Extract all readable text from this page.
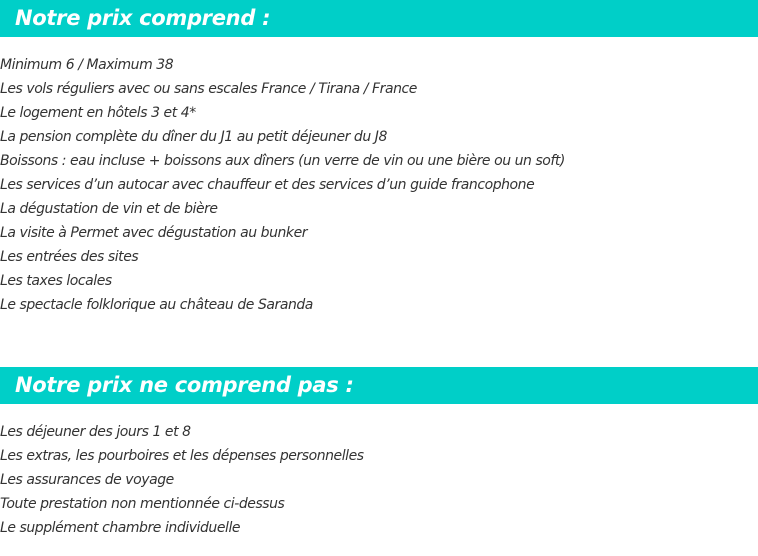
Notre prix comprend :
Minimum 6 / Maximum 38
Les vols réguliers avec ou sans escales France / Tirana / France
Le logement en hôtels 3 et 4*
La pension complète du dîner du J1 au petit déjeuner du J8
Boissons : eau incluse + boissons aux dîners (un verre de vin ou une bière ou un soft)
Les services d’un autocar avec chauffeur et des services d’un guide francophone
La dégustation de vin et de bière
La visite à Permet avec dégustation au bunker
Les entrées des sites
Les taxes locales
Le spectacle folklorique au château de Saranda
Notre prix ne comprend pas :
Les déjeuner des jours 1 et 8
Les extras, les pourboires et les dépenses personnelles
Les assurances de voyage
Toute prestation non mentionnée ci-dessus
Le supplément chambre individuelle
